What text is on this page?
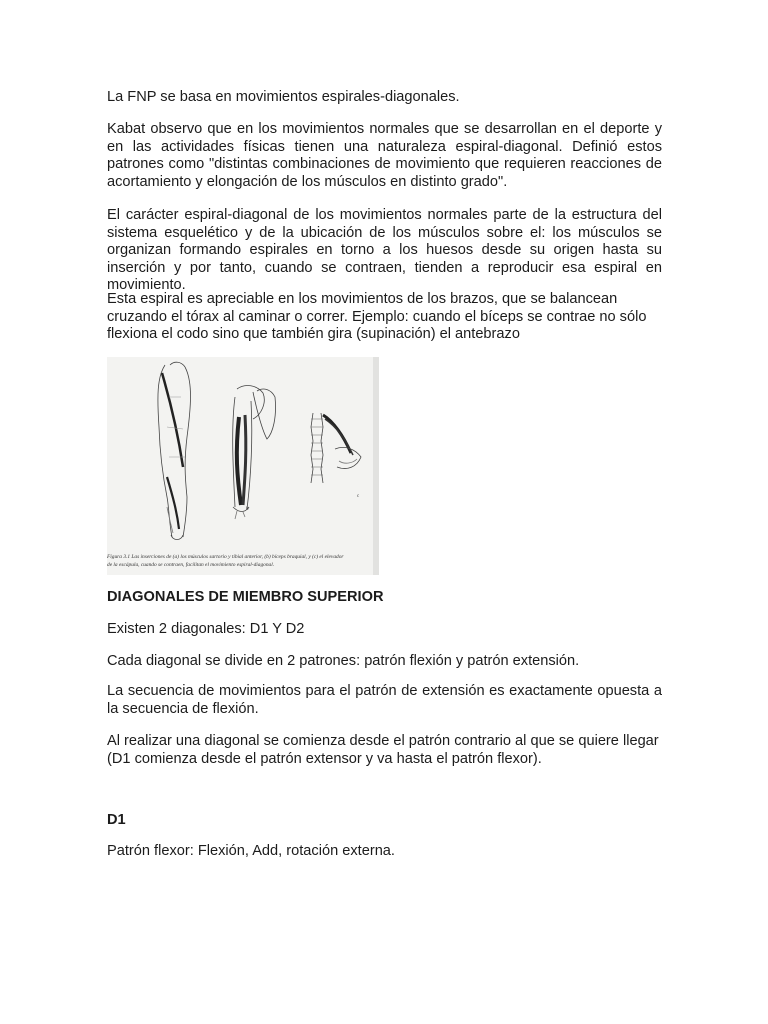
La FNP se basa en movimientos espirales-diagonales.

Kabat observo que en los movimientos normales que se desarrollan en el deporte y en las actividades físicas tienen una naturaleza espiral-diagonal. Definió estos patrones como "distintas combinaciones de movimiento que requieren reacciones de acortamiento y elongación de los músculos en distinto grado".

El carácter espiral-diagonal de los movimientos normales parte de la estructura del sistema esquelético y de la ubicación de los músculos sobre el: los músculos se organizan formando espirales en torno a los huesos desde su origen hasta su inserción y por tanto, cuando se contraen, tienden a reproducir esa espiral en movimiento.

Esta espiral es apreciable en los movimientos de los brazos, que se balancean cruzando el tórax al caminar o correr. Ejemplo: cuando el bíceps se contrae no sólo flexiona el codo sino que también gira (supinación) el antebrazo

b
c
Figura 3.1 Las inserciones de (a) los músculos sartorio y tibial anterior, (b) bíceps braquial, y (c) el elevador
de la escápula, cuando se contraen, facilitan el movimiento espiral-diagonal.

DIAGONALES DE MIEMBRO SUPERIOR

Existen 2 diagonales: D1 Y D2

Cada diagonal se divide en 2 patrones: patrón flexión y patrón extensión.

La secuencia de movimientos para el patrón de extensión es exactamente opuesta a la secuencia de flexión.

Al realizar una diagonal se comienza desde el patrón contrario al que se quiere llegar (D1 comienza desde el patrón extensor y va hasta el patrón flexor).

D1

Patrón flexor: Flexión, Add, rotación externa.
